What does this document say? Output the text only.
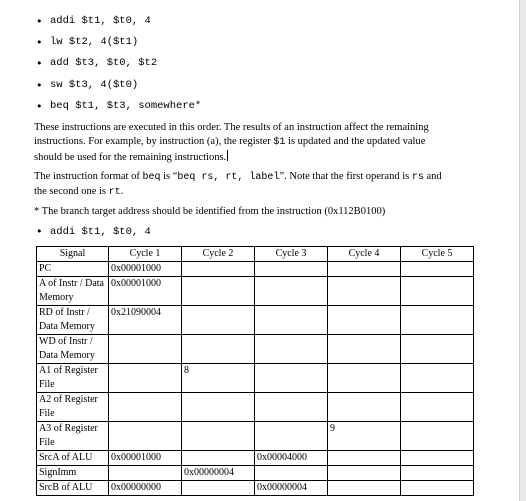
• addi $t1, $t0, 4
• lw $t2, 4($t1)
• add $t3, $t0, $t2
• sw $t3, 4($t0)
• beq $t1, $t3, somewhere*
These instructions are executed in this order. The results of an instruction affect the remaining instructions. For example, by instruction (a), the register $1 is updated and the updated value should be used for the remaining instructions.
The instruction format of beq is “beq rs, rt, label”. Note that the first operand is rs and the second one is rt.
* The branch target address should be identified from the instruction (0x112B0100)
• addi $t1, $t0, 4
Signal	Cycle 1	Cycle 2	Cycle 3	Cycle 4	Cycle 5
PC	0x00001000				
A of Instr / Data Memory	0x00001000				
RD of Instr / Data Memory	0x21090004				
WD of Instr / Data Memory					
A1 of Register File		8			
A2 of Register File					
A3 of Register File				9	
SrcA of ALU	0x00001000		0x00004000		
SignImm		0x00000004			
SrcB of ALU	0x00000000		0x00000004		
